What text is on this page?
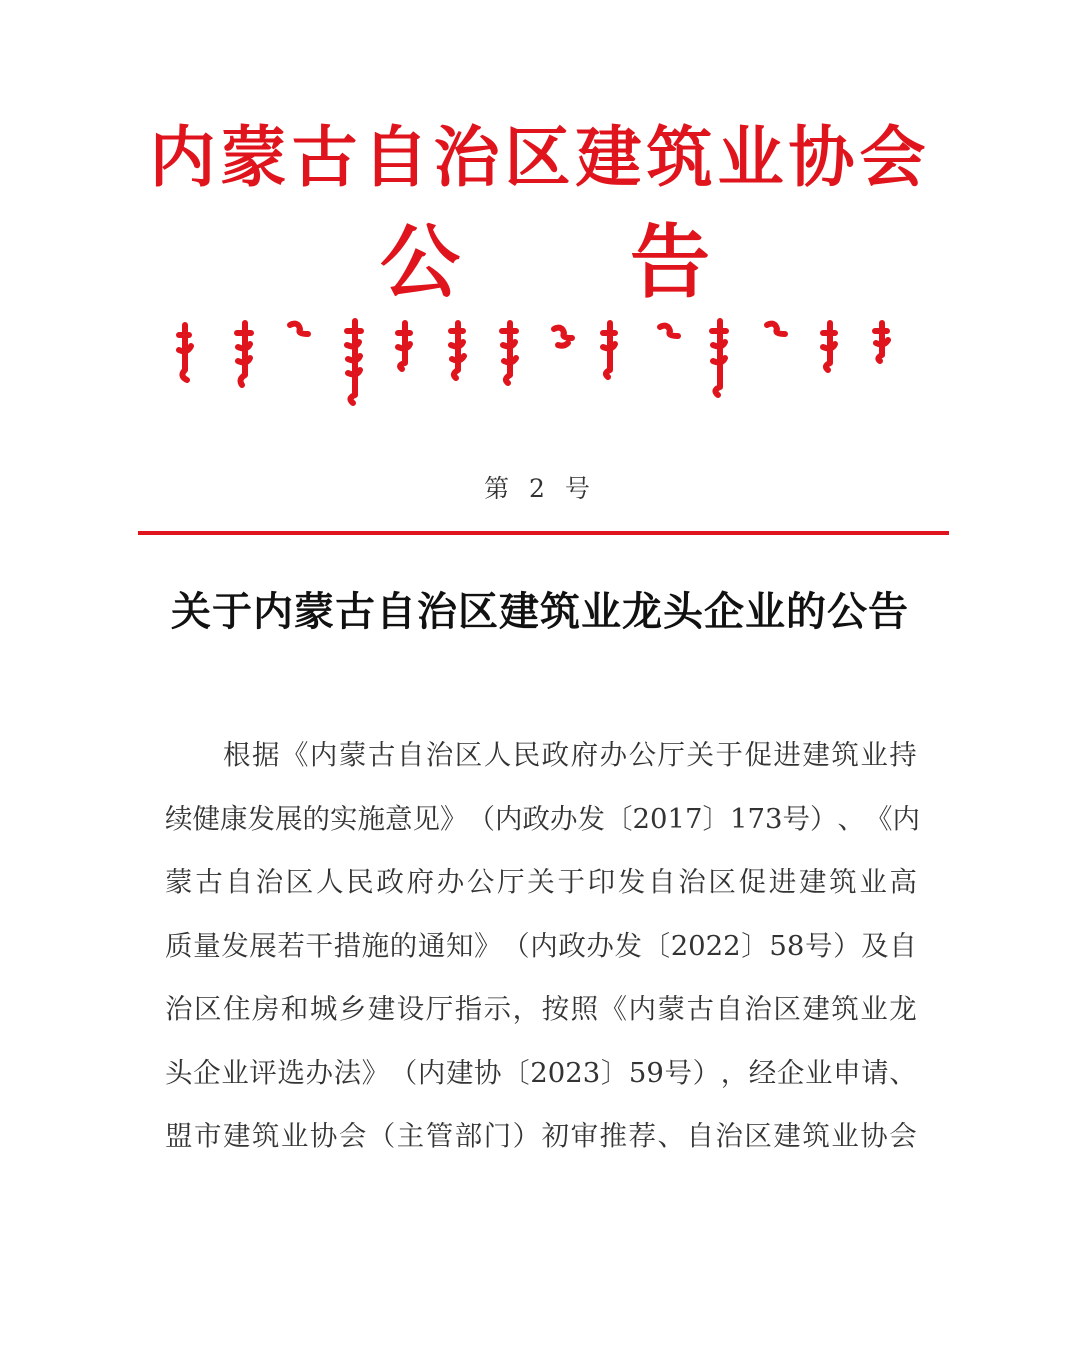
内蒙古自治区建筑业协会
公 告
第 2 号
关于内蒙古自治区建筑业龙头企业的公告
根 据 《 内 蒙 古 自 治 区 人 民 政 府 办 公 厅 关 于 促 进 建 筑 业 持
续 健 康 发 展 的 实 施 意 见 》 （ 内 政 办 发 〔 2017 〕 173 号 ） 、 《 内
蒙 古 自 治 区 人 民 政 府 办 公 厅 关 于 印 发 自 治 区 促 进 建 筑 业 高
质 量 发 展 若 干 措 施 的 通 知 》 （ 内 政 办 发 〔 2022 〕 58 号 ） 及 自
治 区 住 房 和 城 乡 建 设 厅 指 示 ， 按 照 《 内 蒙 古 自 治 区 建 筑 业 龙
头 企 业 评 选 办 法 》 （ 内 建 协 〔 2023 〕 59 号 ） ， 经 企 业 申 请 、
盟 市 建 筑 业 协 会 （ 主 管 部 门 ） 初 审 推 荐 、 自 治 区 建 筑 业 协 会
